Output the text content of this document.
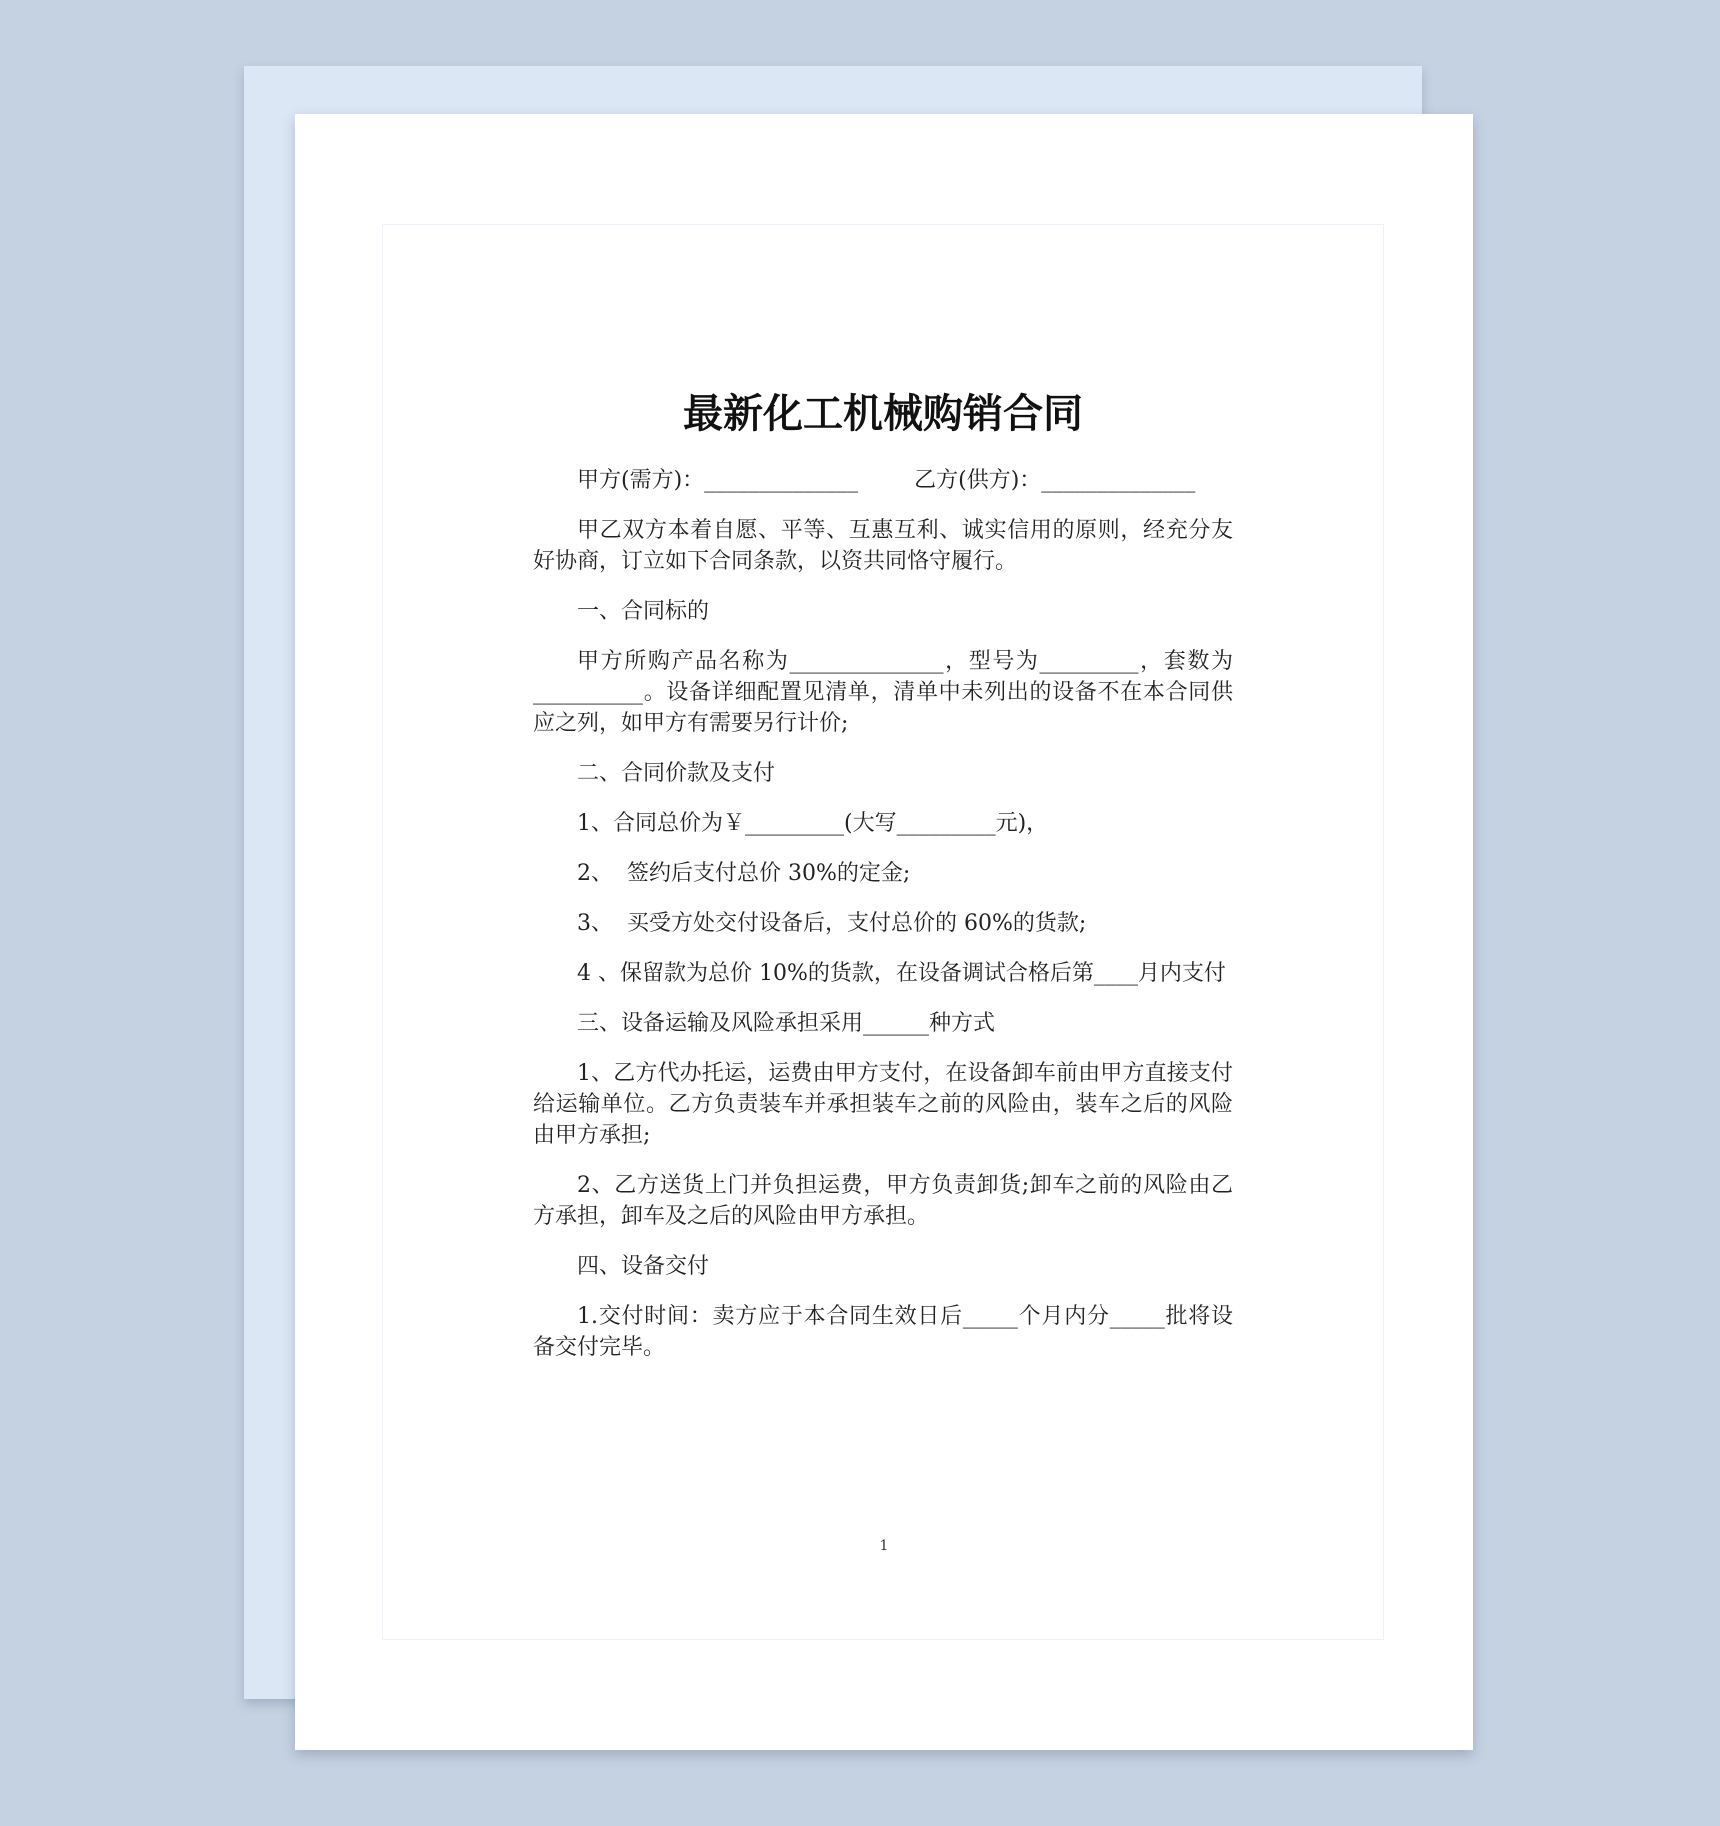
最新化工机械购销合同

甲方(需方)：______________        乙方(供方)：______________

甲乙双方本着自愿、平等、互惠互利、诚实信用的原则，经充分友好协商，订立如下合同条款，以资共同恪守履行。

一、合同标的

甲方所购产品名称为______________，型号为_________，套数为__________。设备详细配置见清单，清单中未列出的设备不在本合同供应之列，如甲方有需要另行计价;

二、合同价款及支付

1、合同总价为￥_________(大写_________元)，

2、  签约后支付总价 30%的定金;

3、  买受方处交付设备后，支付总价的 60%的货款;

4 、保留款为总价 10%的货款，在设备调试合格后第____月内支付

三、设备运输及风险承担采用______种方式

1、乙方代办托运，运费由甲方支付，在设备卸车前由甲方直接支付给运输单位。乙方负责装车并承担装车之前的风险由，装车之后的风险由甲方承担;

2、乙方送货上门并负担运费，甲方负责卸货;卸车之前的风险由乙方承担，卸车及之后的风险由甲方承担。

四、设备交付

1.交付时间：卖方应于本合同生效日后_____个月内分_____批将设备交付完毕。

1
